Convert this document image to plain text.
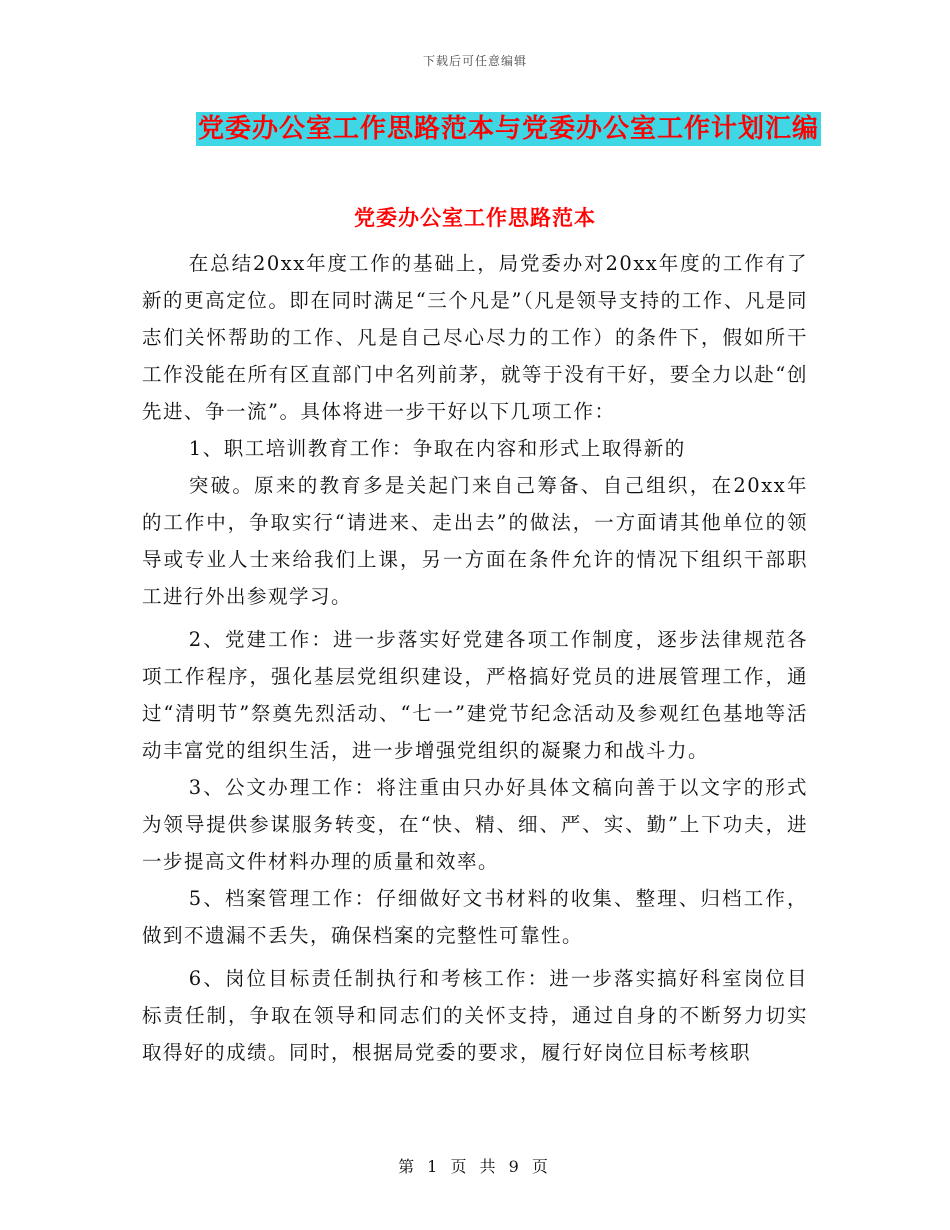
下载后可任意编辑
党委办公室工作思路范本与党委办公室工作计划汇编
党委办公室工作思路范本

在总结20xx年度工作的基础上，局党委办对20xx年度的工作有了新的更高定位。即在同时满足“三个凡是”（凡是领导支持的工作、凡是同志们关怀帮助的工作、凡是自己尽心尽力的工作）的条件下，假如所干工作没能在所有区直部门中名列前茅，就等于没有干好，要全力以赴“创先进、争一流”。具体将进一步干好以下几项工作：

1、职工培训教育工作：争取在内容和形式上取得新的

突破。原来的教育多是关起门来自己筹备、自己组织，在20xx年的工作中，争取实行“请进来、走出去”的做法，一方面请其他单位的领导或专业人士来给我们上课，另一方面在条件允许的情况下组织干部职工进行外出参观学习。

2、党建工作：进一步落实好党建各项工作制度，逐步法律规范各项工作程序，强化基层党组织建设，严格搞好党员的进展管理工作，通过“清明节”祭奠先烈活动、“七一”建党节纪念活动及参观红色基地等活动丰富党的组织生活，进一步增强党组织的凝聚力和战斗力。

3、公文办理工作：将注重由只办好具体文稿向善于以文字的形式为领导提供参谋服务转变，在“快、精、细、严、实、勤”上下功夫，进一步提高文件材料办理的质量和效率。

5、档案管理工作：仔细做好文书材料的收集、整理、归档工作，做到不遗漏不丢失，确保档案的完整性可靠性。

6、岗位目标责任制执行和考核工作：进一步落实搞好科室岗位目标责任制，争取在领导和同志们的关怀支持，通过自身的不断努力切实取得好的成绩。同时，根据局党委的要求，履行好岗位目标考核职

第 1 页 共 9 页
